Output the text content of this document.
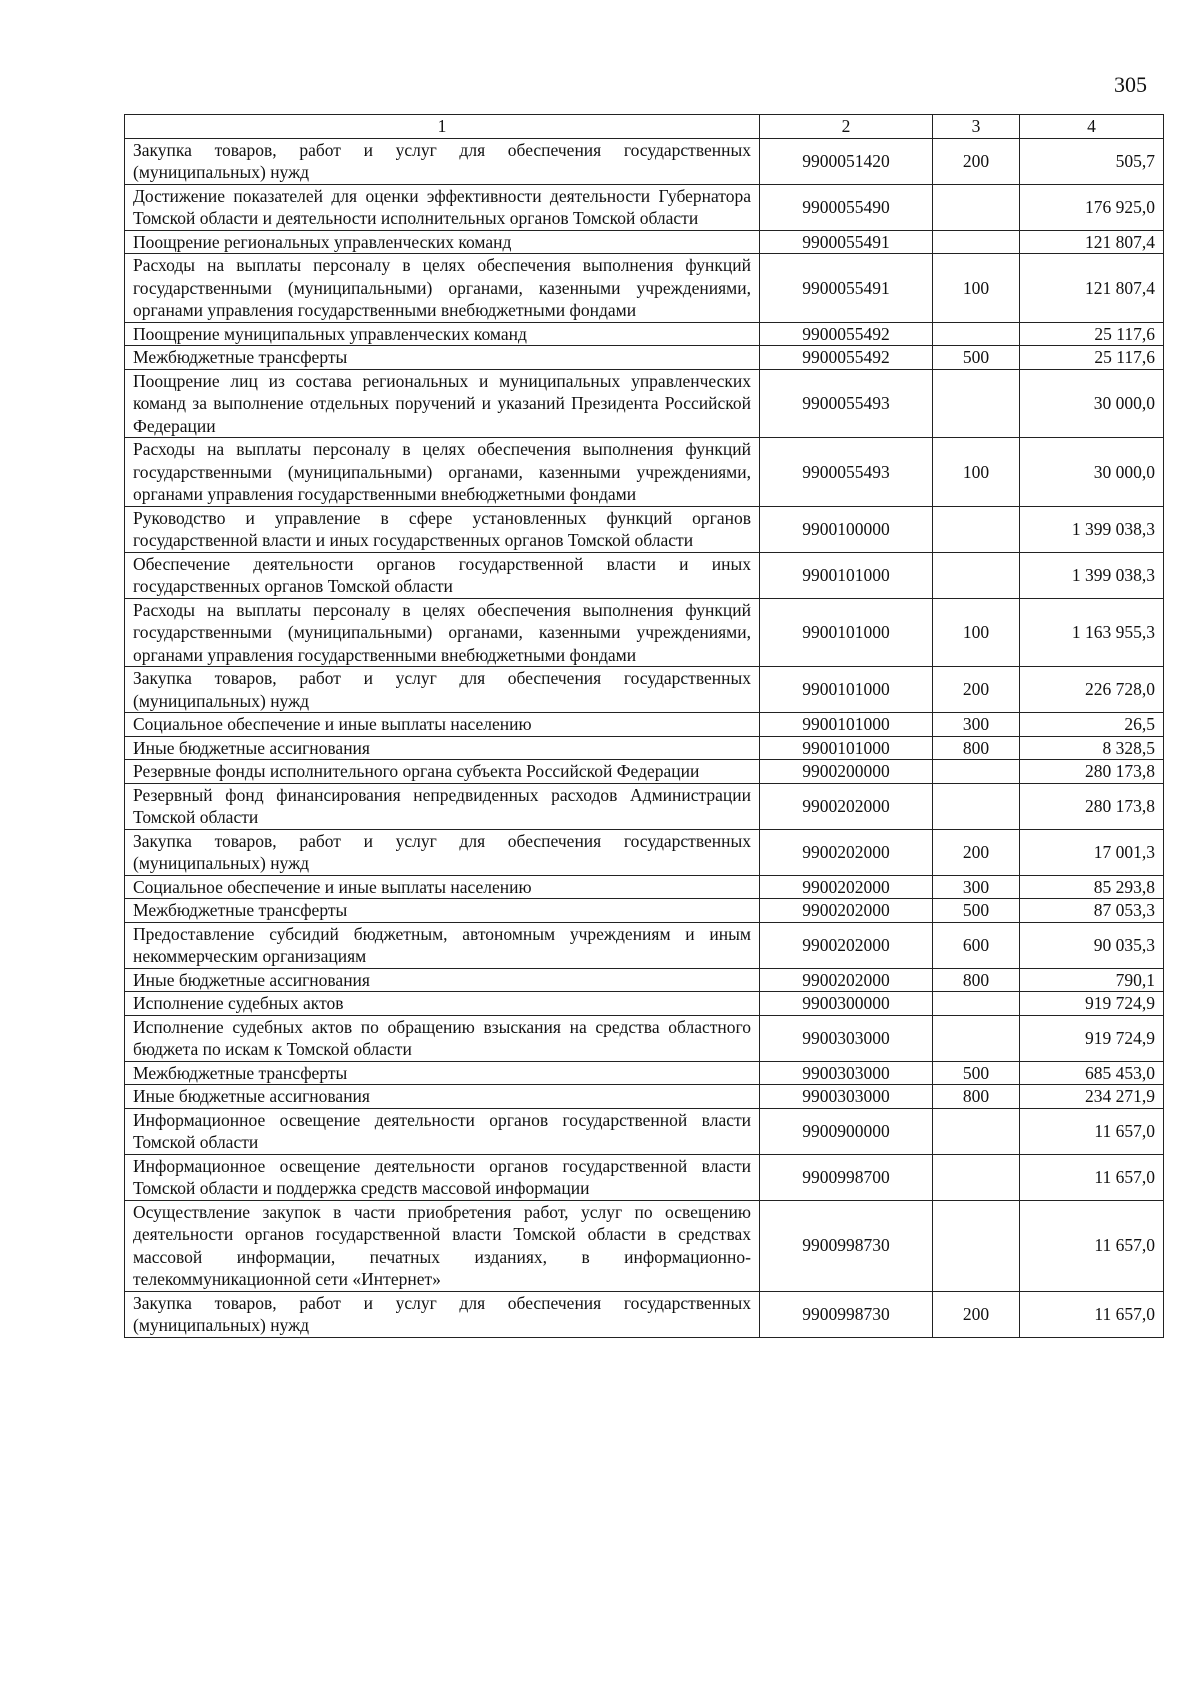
305
1	2	3	4
Закупка товаров, работ и услуг для обеспечения государственных (муниципальных) нужд	9900051420	200	505,7
Достижение показателей для оценки эффективности деятельности Губернатора Томской области и деятельности исполнительных органов Томской области	9900055490		176 925,0
Поощрение региональных управленческих команд	9900055491		121 807,4
Расходы на выплаты персоналу в целях обеспечения выполнения функций государственными (муниципальными) органами, казенными учреждениями, органами управления государственными внебюджетными фондами	9900055491	100	121 807,4
Поощрение муниципальных управленческих команд	9900055492		25 117,6
Межбюджетные трансферты	9900055492	500	25 117,6
Поощрение лиц из состава региональных и муниципальных управленческих команд за выполнение отдельных поручений и указаний Президента Российской Федерации	9900055493		30 000,0
Расходы на выплаты персоналу в целях обеспечения выполнения функций государственными (муниципальными) органами, казенными учреждениями, органами управления государственными внебюджетными фондами	9900055493	100	30 000,0
Руководство и управление в сфере установленных функций органов государственной власти и иных государственных органов Томской области	9900100000		1 399 038,3
Обеспечение деятельности органов государственной власти и иных государственных органов Томской области	9900101000		1 399 038,3
Расходы на выплаты персоналу в целях обеспечения выполнения функций государственными (муниципальными) органами, казенными учреждениями, органами управления государственными внебюджетными фондами	9900101000	100	1 163 955,3
Закупка товаров, работ и услуг для обеспечения государственных (муниципальных) нужд	9900101000	200	226 728,0
Социальное обеспечение и иные выплаты населению	9900101000	300	26,5
Иные бюджетные ассигнования	9900101000	800	8 328,5
Резервные фонды исполнительного органа субъекта Российской Федерации	9900200000		280 173,8
Резервный фонд финансирования непредвиденных расходов Администрации Томской области	9900202000		280 173,8
Закупка товаров, работ и услуг для обеспечения государственных (муниципальных) нужд	9900202000	200	17 001,3
Социальное обеспечение и иные выплаты населению	9900202000	300	85 293,8
Межбюджетные трансферты	9900202000	500	87 053,3
Предоставление субсидий бюджетным, автономным учреждениям и иным некоммерческим организациям	9900202000	600	90 035,3
Иные бюджетные ассигнования	9900202000	800	790,1
Исполнение судебных актов	9900300000		919 724,9
Исполнение судебных актов по обращению взыскания на средства областного бюджета по искам к Томской области	9900303000		919 724,9
Межбюджетные трансферты	9900303000	500	685 453,0
Иные бюджетные ассигнования	9900303000	800	234 271,9
Информационное освещение деятельности органов государственной власти Томской области	9900900000		11 657,0
Информационное освещение деятельности органов государственной власти Томской области и поддержка средств массовой информации	9900998700		11 657,0
Осуществление закупок в части приобретения работ, услуг по освещению деятельности органов государственной власти Томской области в средствах массовой информации, печатных изданиях, в информационно-телекоммуникационной сети «Интернет»	9900998730		11 657,0
Закупка товаров, работ и услуг для обеспечения государственных (муниципальных) нужд	9900998730	200	11 657,0
